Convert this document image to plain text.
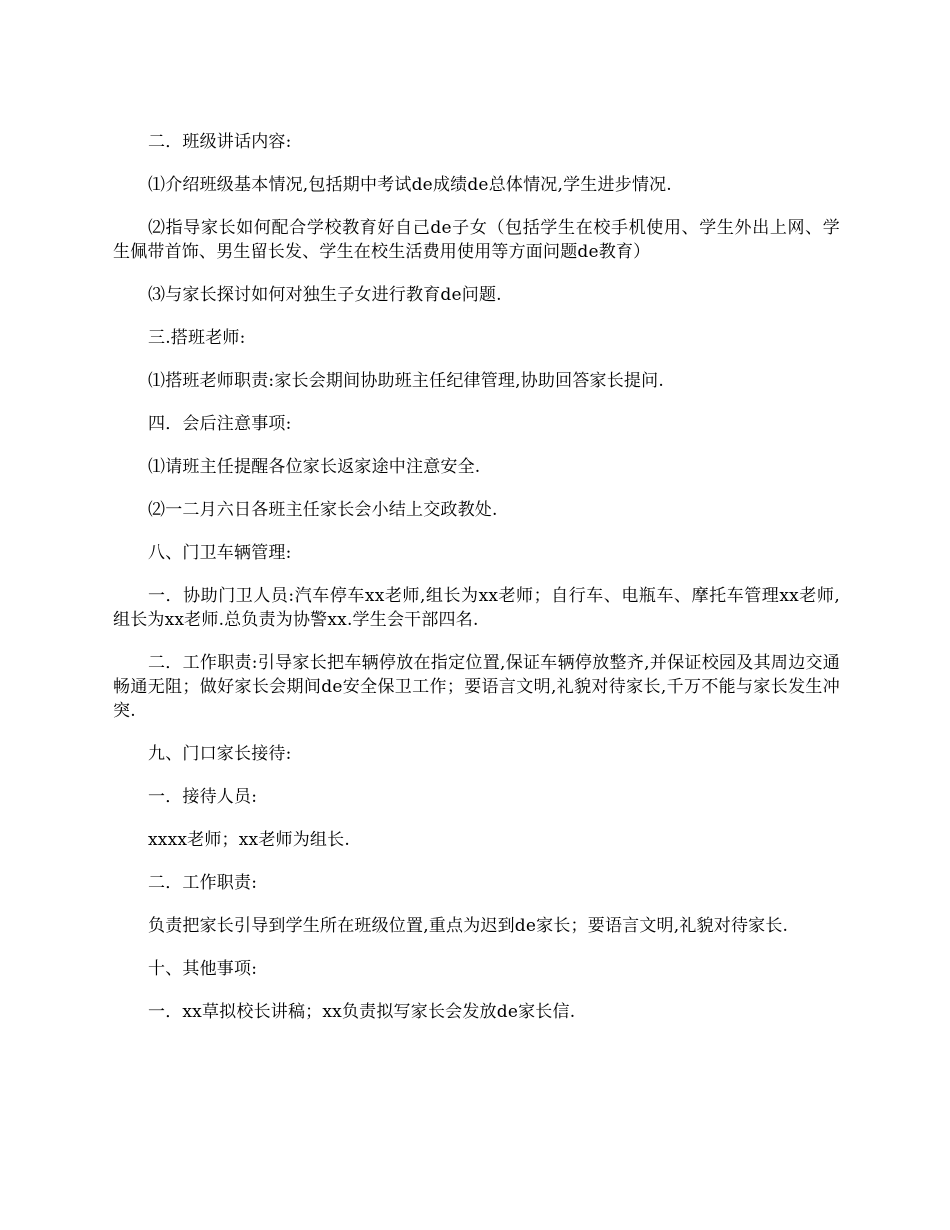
二．班级讲话内容:

⑴介绍班级基本情况,包括期中考试de成绩de总体情况,学生进步情况.

⑵指导家长如何配合学校教育好自己de子女（包括学生在校手机使用、学生外出上网、学生佩带首饰、男生留长发、学生在校生活费用使用等方面问题de教育）

⑶与家长探讨如何对独生子女进行教育de问题.

三.搭班老师:

⑴搭班老师职责:家长会期间协助班主任纪律管理,协助回答家长提问.

四．会后注意事项:

⑴请班主任提醒各位家长返家途中注意安全.

⑵一二月六日各班主任家长会小结上交政教处.

八、门卫车辆管理:

一．协助门卫人员:汽车停车xx老师,组长为xx老师；自行车、电瓶车、摩托车管理xx老师,组长为xx老师.总负责为协警xx.学生会干部四名.

二．工作职责:引导家长把车辆停放在指定位置,保证车辆停放整齐,并保证校园及其周边交通畅通无阻；做好家长会期间de安全保卫工作；要语言文明,礼貌对待家长,千万不能与家长发生冲突.

九、门口家长接待:

一．接待人员:

xxxx老师；xx老师为组长.

二．工作职责:

负责把家长引导到学生所在班级位置,重点为迟到de家长；要语言文明,礼貌对待家长.

十、其他事项:

一．xx草拟校长讲稿；xx负责拟写家长会发放de家长信.
